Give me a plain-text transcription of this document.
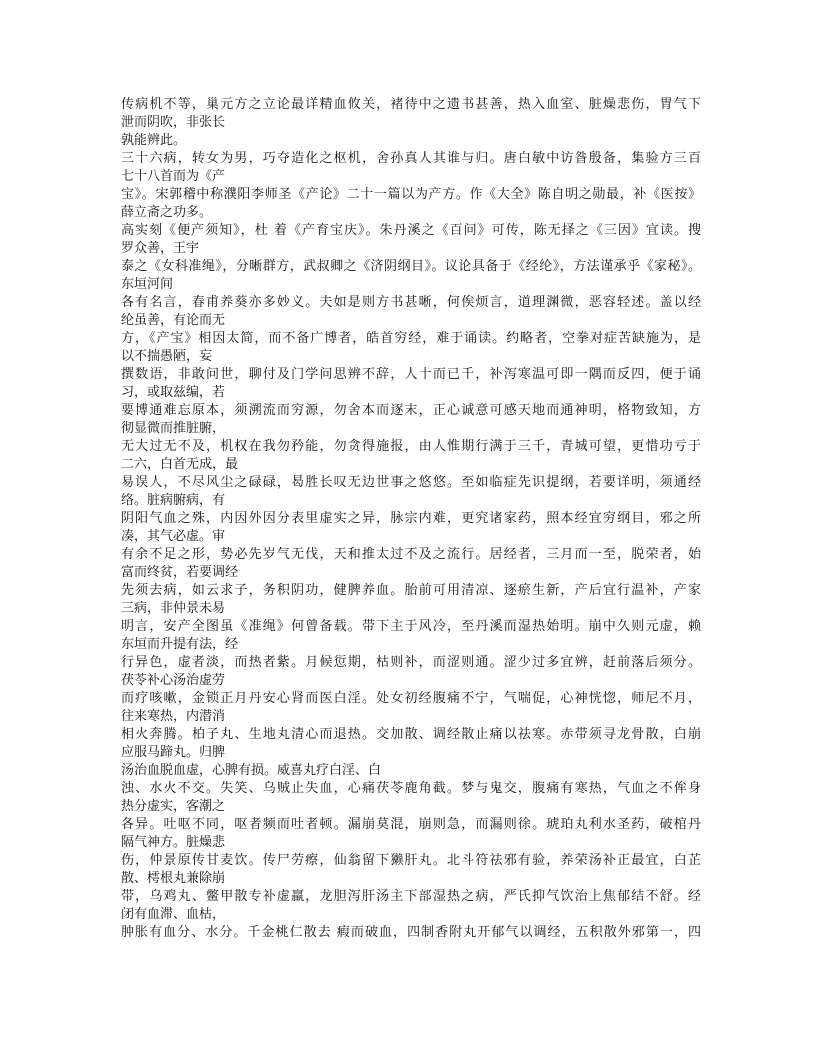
传病机不等，巢元方之立论最详精血攸关，褚待中之遗书甚善，热入血室、脏燥悲伤，胃气下
泄而阴吹，非张长
孰能辨此。
三十六病，转女为男，巧夺造化之枢机，舍孙真人其谁与归。唐白敏中访昝殷备，集验方三百
七十八首而为《产
宝》。宋郭稽中称濮阳李师圣《产论》二十一篇以为产方。作《大全》陈自明之勋最，补《医按》
薛立斋之功多。
高实刻《便产须知》，杜 着《产育宝庆》。朱丹溪之《百问》可传，陈无择之《三因》宜读。搜
罗众善，王宇
泰之《女科准绳》，分晰群方，武叔卿之《济阴纲目》。议论具备于《经纶》，方法谨承乎《家秘》。
东垣河间
各有名言，春甫养葵亦多妙义。夫如是则方书甚晰，何俟烦言，道理渊微，恶容轻述。盖以经
纶虽善，有论而无
方，《产宝》相因太简，而不备广博者，皓首穷经，难于诵读。约略者，空拳对症苦缺施为，是
以不揣愚陋，妄
撰数语，非敢问世，聊付及门学问思辨不辞，人十而已千，补泻寒温可即一隅而反四，便于诵
习，或取兹编，若
要博通难忘原本，须溯流而穷源，勿舍本而逐末，正心诚意可感天地而通神明，格物致知，方
彻显微而推脏腑，
无大过无不及，机权在我勿矜能，勿贪得施报，由人惟期行满于三千，青城可望，更惜功亏于
二六，白首无成，最
易误人，不尽风尘之碌碌，曷胜长叹无边世事之悠悠。至如临症先识提纲，若要详明，须通经
络。脏病腑病，有
阴阳气血之殊，内因外因分表里虚实之异，脉宗内难，更究诸家药，照本经宜穷纲目，邪之所
凑，其气必虚。审
有余不足之形，势必先岁气无伐，天和推太过不及之流行。居经者，三月而一至，脱荣者，始
富而终贫，若要调经
先须去病，如云求子，务积阴功，健脾养血。胎前可用清凉、逐瘀生新，产后宜行温补，产家
三病，非仲景未易
明言，安产全图虽《准绳》何曾备载。带下主于风冷，至丹溪而湿热始明。崩中久则元虚，赖
东垣而升提有法，经
行异色，虚者淡，而热者紫。月候愆期，枯则补，而涩则通。涩少过多宜辨，赶前落后须分。
茯苓补心汤治虚劳
而疗咳嗽，金锁正月丹安心肾而医白淫。处女初经腹痛不宁，气喘促，心神恍惚，师尼不月，
往来寒热，内潜消
相火奔腾。柏子丸、生地丸清心而退热。交加散、调经散止痛以祛寒。赤带须寻龙骨散，白崩
应服马蹄丸。归脾
汤治血脱血虚，心脾有损。威喜丸疗白淫、白
浊、水火不交。失笑、乌贼止失血，心痛茯苓鹿角截。梦与鬼交，腹痛有寒热，气血之不侔身
热分虚实，客潮之
各异。吐呕不同，呕者频而吐者顿。漏崩莫混，崩则急，而漏则徐。琥珀丸利水圣药，破棺丹
隔气神方。脏燥悲
伤，仲景原传甘麦饮。传尸劳瘵，仙翁留下獭肝丸。北斗符祛邪有验，养荣汤补正最宜，白芷
散、樗根丸兼除崩
带，乌鸡丸、鳖甲散专补虚羸，龙胆泻肝汤主下部湿热之病，严氏抑气饮治上焦郁结不舒。经
闭有血滞、血枯，
肿胀有血分、水分。千金桃仁散去 瘕而破血，四制香附丸开郁气以调经，五积散外邪第一，四
